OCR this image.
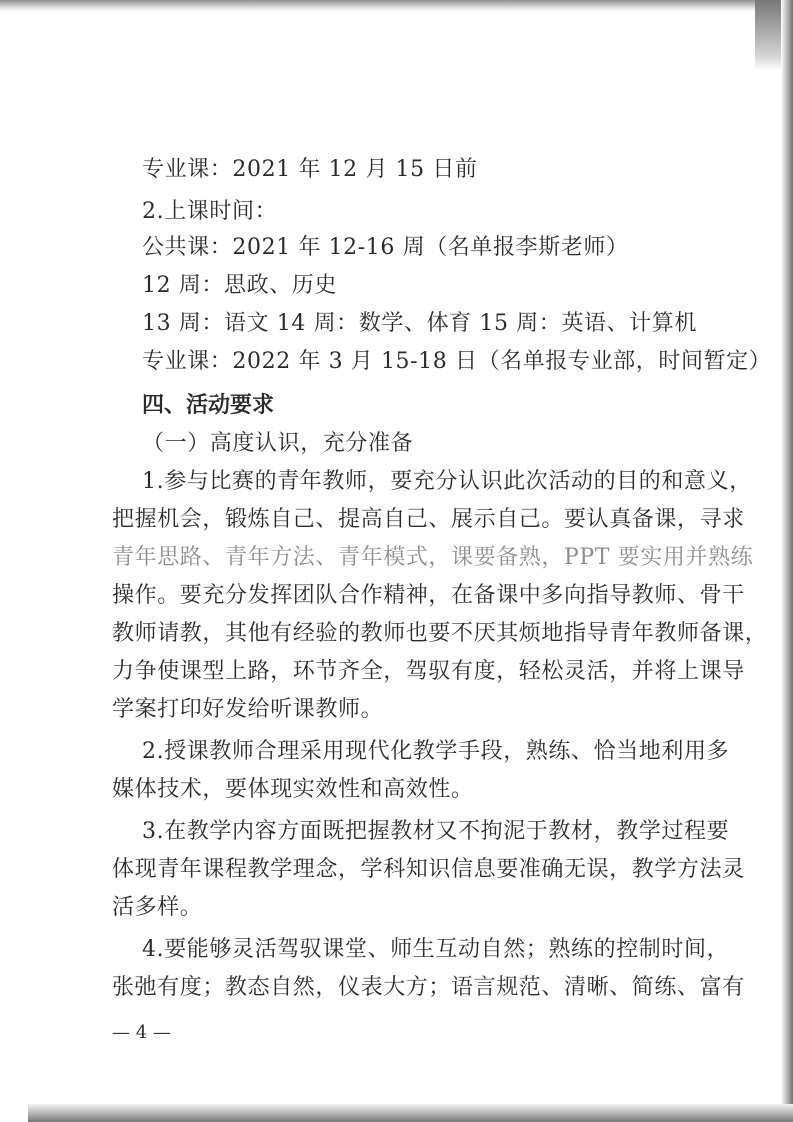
专业课：2021 年 12 月 15 日前
2.上课时间：
公共课：2021 年 12-16 周（名单报李斯老师）
12 周：思政、历史
13 周：语文 14 周：数学、体育 15 周：英语、计算机
专业课：2022 年 3 月 15-18 日（名单报专业部，时间暂定）
四、活动要求
（一）高度认识，充分准备
1.参与比赛的青年教师，要充分认识此次活动的目的和意义，
把握机会，锻炼自己、提高自己、展示自己。要认真备课，寻求
青年思路、青年方法、青年模式，课要备熟，PPT 要实用并熟练
操作。要充分发挥团队合作精神，在备课中多向指导教师、骨干
教师请教，其他有经验的教师也要不厌其烦地指导青年教师备课，
力争使课型上路，环节齐全，驾驭有度，轻松灵活，并将上课导
学案打印好发给听课教师。
2.授课教师合理采用现代化教学手段，熟练、恰当地利用多
媒体技术，要体现实效性和高效性。
3.在教学内容方面既把握教材又不拘泥于教材，教学过程要
体现青年课程教学理念，学科知识信息要准确无误，教学方法灵
活多样。
4.要能够灵活驾驭课堂、师生互动自然；熟练的控制时间，
张弛有度；教态自然，仪表大方；语言规范、清晰、简练、富有
— 4 —
